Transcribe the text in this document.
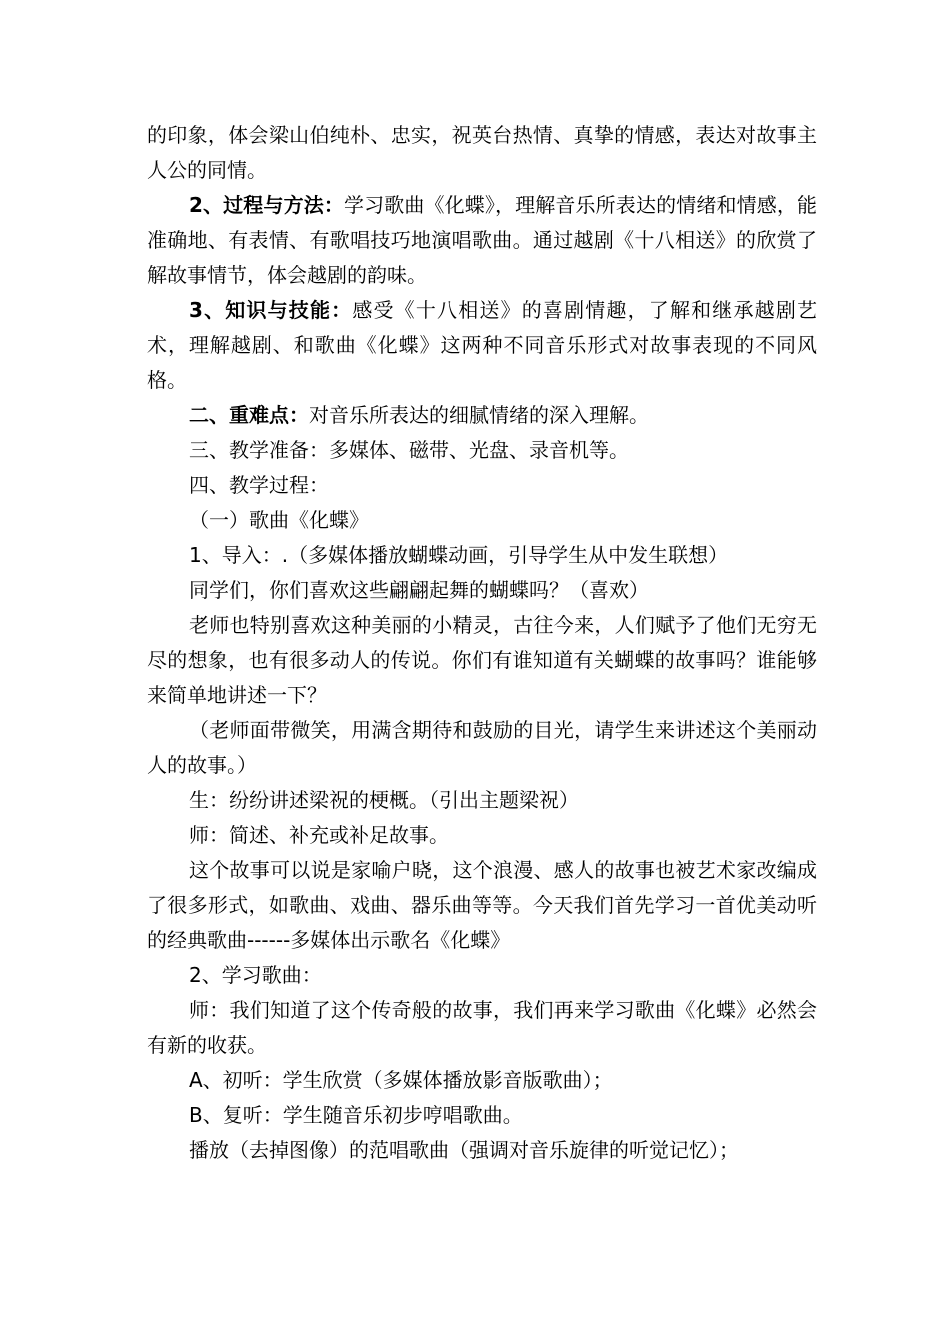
的印象，体会梁山伯纯朴、忠实，祝英台热情、真挚的情感，表达对故事主人公的同情。

2、过程与方法：学习歌曲《化蝶》，理解音乐所表达的情绪和情感，能准确地、有表情、有歌唱技巧地演唱歌曲。通过越剧《十八相送》的欣赏了解故事情节，体会越剧的韵味。

3、知识与技能：感受《十八相送》的喜剧情趣，了解和继承越剧艺术，理解越剧、和歌曲《化蝶》这两种不同音乐形式对故事表现的不同风格。

二、重难点：对音乐所表达的细腻情绪的深入理解。

三、教学准备：多媒体、磁带、光盘、录音机等。

四、教学过程：

（一）歌曲《化蝶》

1、导入：.（多媒体播放蝴蝶动画，引导学生从中发生联想）

同学们，你们喜欢这些翩翩起舞的蝴蝶吗？（喜欢）

老师也特别喜欢这种美丽的小精灵，古往今来，人们赋予了他们无穷无尽的想象，也有很多动人的传说。你们有谁知道有关蝴蝶的故事吗？谁能够来简单地讲述一下？

（老师面带微笑，用满含期待和鼓励的目光，请学生来讲述这个美丽动人的故事。）

生：纷纷讲述梁祝的梗概。（引出主题梁祝）

师：简述、补充或补足故事。

这个故事可以说是家喻户晓，这个浪漫、感人的故事也被艺术家改编成了很多形式，如歌曲、戏曲、器乐曲等等。今天我们首先学习一首优美动听的经典歌曲------多媒体出示歌名《化蝶》

2、学习歌曲：

师：我们知道了这个传奇般的故事，我们再来学习歌曲《化蝶》必然会有新的收获。

A、初听：学生欣赏（多媒体播放影音版歌曲）；

B、复听：学生随音乐初步哼唱歌曲。

播放（去掉图像）的范唱歌曲（强调对音乐旋律的听觉记忆）；
